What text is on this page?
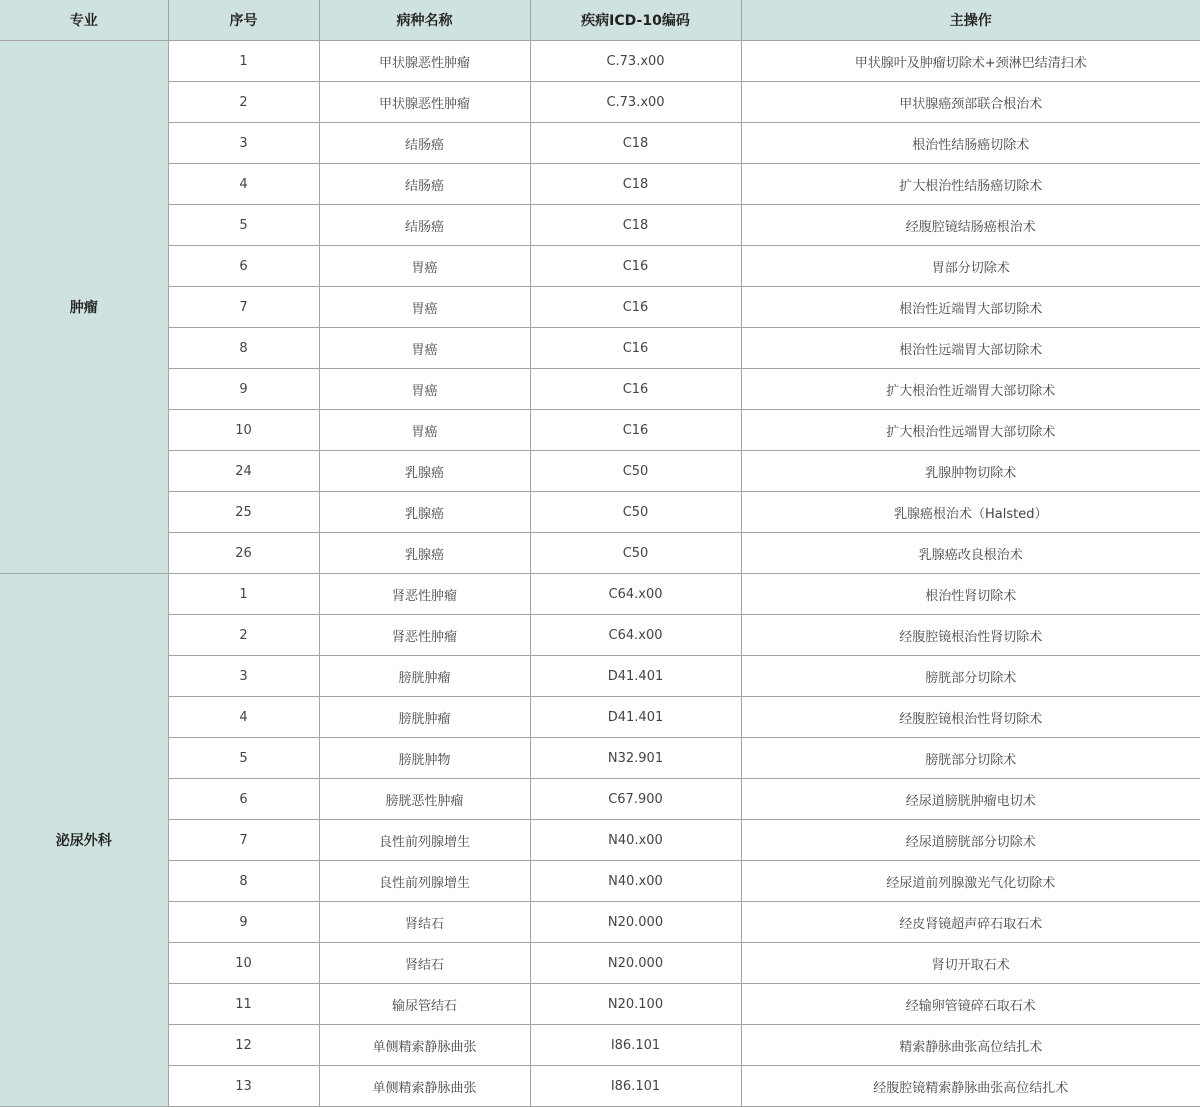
专业	序号	病种名称	疾病ICD-10编码	主操作
肿瘤	1	甲状腺恶性肿瘤	C.73.x00	甲状腺叶及肿瘤切除术+颈淋巴结清扫术
	2	甲状腺恶性肿瘤	C.73.x00	甲状腺癌颈部联合根治术
	3	结肠癌	C18	根治性结肠癌切除术
	4	结肠癌	C18	扩大根治性结肠癌切除术
	5	结肠癌	C18	经腹腔镜结肠癌根治术
	6	胃癌	C16	胃部分切除术
	7	胃癌	C16	根治性近端胃大部切除术
	8	胃癌	C16	根治性远端胃大部切除术
	9	胃癌	C16	扩大根治性近端胃大部切除术
	10	胃癌	C16	扩大根治性远端胃大部切除术
	24	乳腺癌	C50	乳腺肿物切除术
	25	乳腺癌	C50	乳腺癌根治术（Halsted）
	26	乳腺癌	C50	乳腺癌改良根治术
泌尿外科	1	肾恶性肿瘤	C64.x00	根治性肾切除术
	2	肾恶性肿瘤	C64.x00	经腹腔镜根治性肾切除术
	3	膀胱肿瘤	D41.401	膀胱部分切除术
	4	膀胱肿瘤	D41.401	经腹腔镜根治性肾切除术
	5	膀胱肿物	N32.901	膀胱部分切除术
	6	膀胱恶性肿瘤	C67.900	经尿道膀胱肿瘤电切术
	7	良性前列腺增生	N40.x00	经尿道膀胱部分切除术
	8	良性前列腺增生	N40.x00	经尿道前列腺激光气化切除术
	9	肾结石	N20.000	经皮肾镜超声碎石取石术
	10	肾结石	N20.000	肾切开取石术
	11	输尿管结石	N20.100	经输卵管镜碎石取石术
	12	单侧精索静脉曲张	I86.101	精索静脉曲张高位结扎术
	13	单侧精索静脉曲张	I86.101	经腹腔镜精索静脉曲张高位结扎术
